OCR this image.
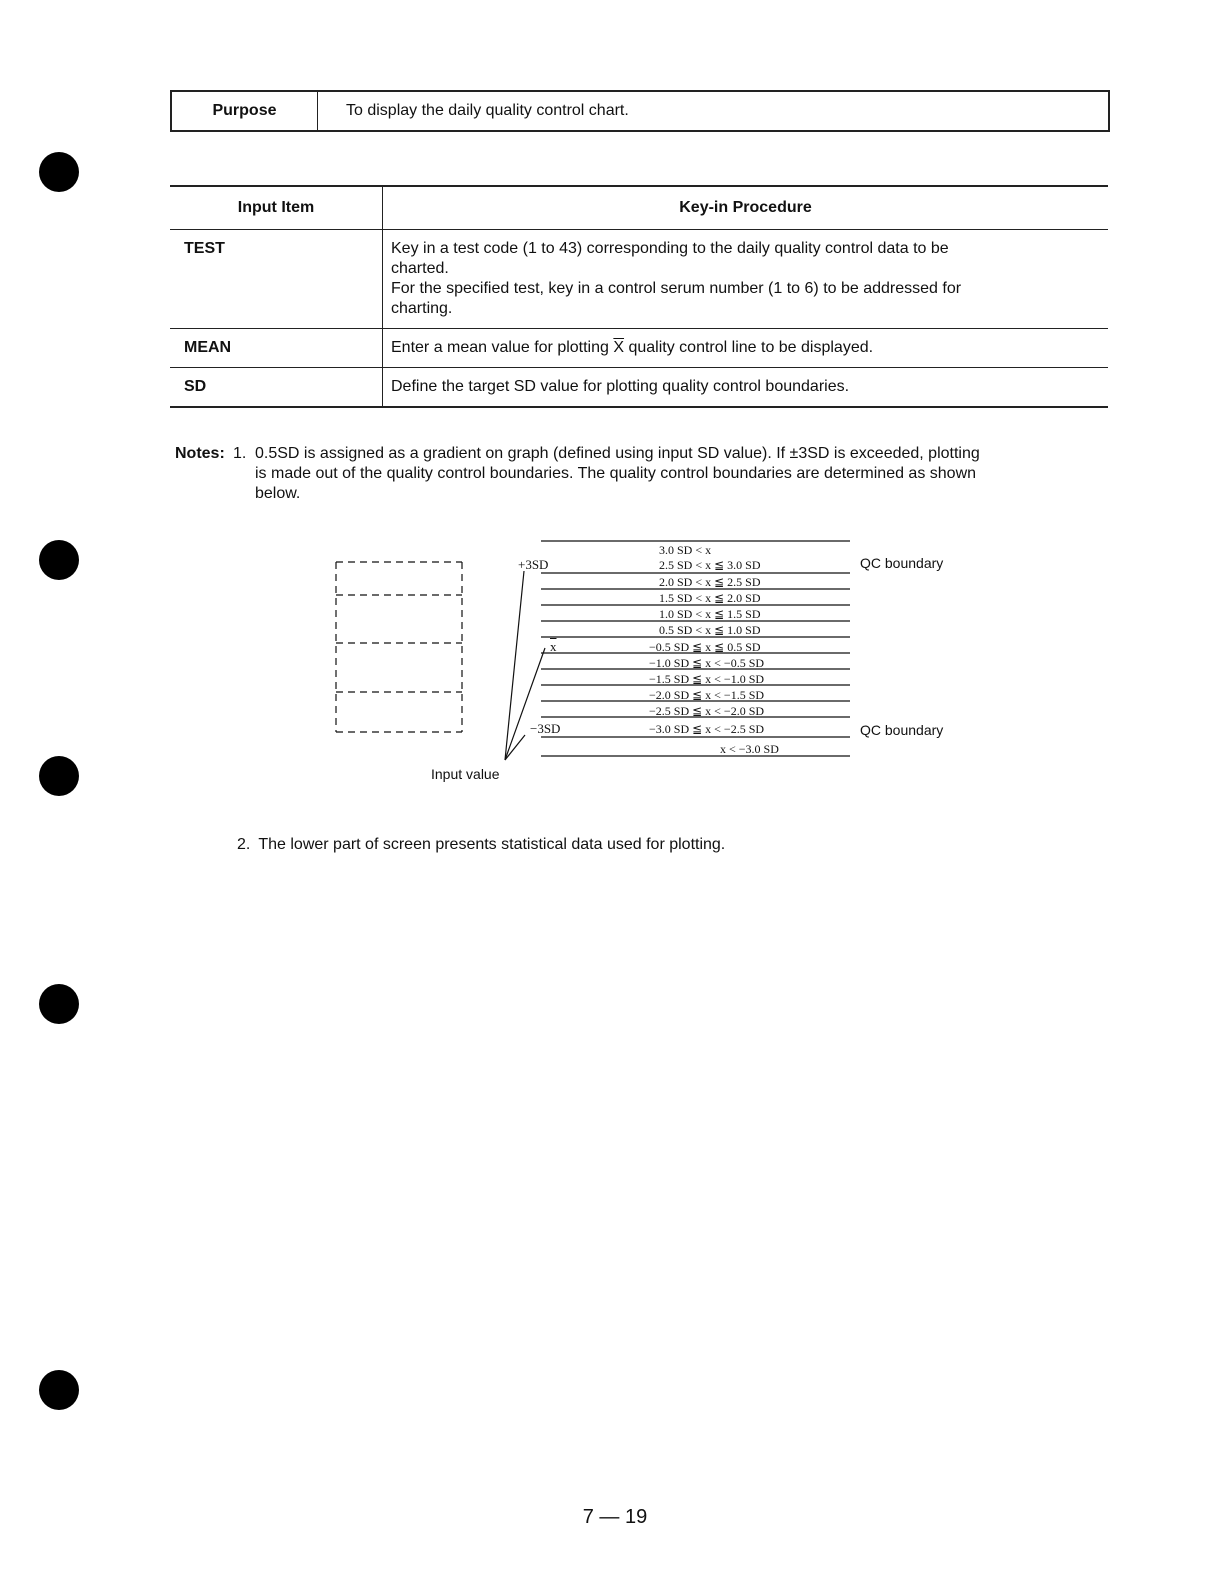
Purpose	To display the daily quality control chart.
Input Item	Key-in Procedure
TEST	Key in a test code (1 to 43) corresponding to the daily quality control data to be
charted.
For the specified test, key in a control serum number (1 to 6) to be addressed for
charting.

MEAN	Enter a mean value for plotting $\overline{X}$ quality control line to be displayed.
SD	Define the target SD value for plotting quality control boundaries.
Notes: 1. 0.5SD is assigned as a gradient on graph (defined using input SD value). If ±3SD is exceeded, plotting
is made out of the quality control boundaries. The quality control boundaries are determined as shown
below.
3.0 SD < x
2.5 SD < x ≦ 3.0 SD
2.0 SD < x ≦ 2.5 SD
1.5 SD < x ≦ 2.0 SD
1.0 SD < x ≦ 1.5 SD
0.5 SD < x ≦ 1.0 SD
−0.5 SD ≦ x ≦ 0.5 SD
−1.0 SD ≦ x < −0.5 SD
−1.5 SD ≦ x < −1.0 SD
−2.0 SD ≦ x < −1.5 SD
−2.5 SD ≦ x < −2.0 SD
−3.0 SD ≦ x < −2.5 SD
x < −3.0 SD
+3SD
$\overline{x}$
−3SD
QC boundary
QC boundary
Input value
2. The lower part of screen presents statistical data used for plotting.
7 — 19
